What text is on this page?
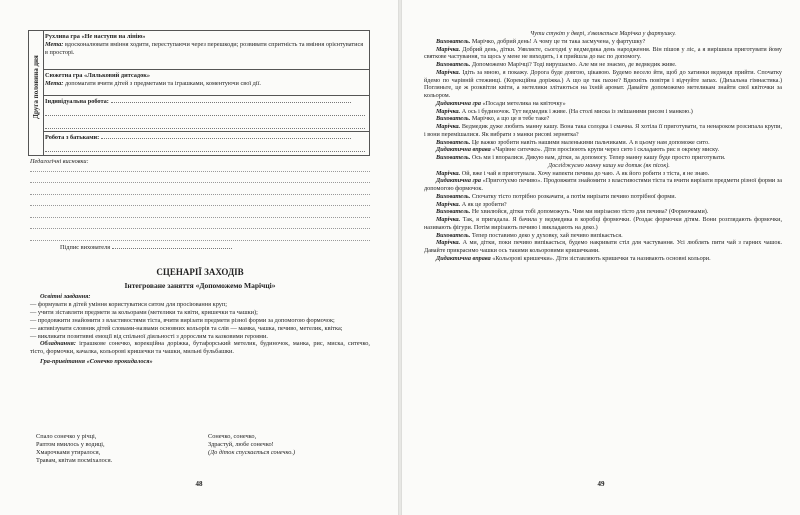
Друга половина дня
Рухлива гра «Не наступи на лінію»
Мета: вдосконалювати вміння ходити, переступаючи через перешкоди; розвивати спритність та вміння орієнтуватися в просторі.
Сюжетна гра «Ляльковий дитсадок»
Мета: допомагати вчити дітей з предметами та іграшками, коментуючи свої дії.
Індивідуальна робота:
Робота з батьками:
Педагогічні висновки:
Підпис вихователя
СЦЕНАРІЇ ЗАХОДІВ
Інтегроване заняття «Допоможемо Марічці»
Освітні завдання:
— формувати в дітей уміння користуватися ситом для просіювання круп;
— учити зіставляти предмети за кольорами (метелики та квіти, кришечки та чашки);
— продовжити знайомити з властивостями тіста, вчити вирізати предмети різної форми за допомогою формочок;
— активізувати словник дітей словами-назвами основних кольорів та слів — мамка, чашка, печиво, метелик, квітка;
— викликати позитивні емоції від спільної діяльності з дорослим та казковими героями.
Обладнання: іграшкове сонечко, корекційна доріжка, бутафорський метелик, будиночок, манка, рис, миска, ситечко, тісто, формочки, качалка, кольорові кришечки та чашки, мильні бульбашки.
Гра-привітання «Сонечко прокидалося»
Спало сонечко у річці,
Раптом вмилось у водиці,
Хмарочками утиралося,
Травам, квітам посміхалося.
Сонечко, сонечко,
Здрастуй, любе сонечко!
(До діток спускається сонечко.)
48

Чути стукіт у двері, з'являється Марічка у фартушку.

Вихователь. Марічко, добрий день! А чому це ти така засмучена, у фартушку?

Марічка. Добрий день, дітки. Уявляєте, сьогодні у ведмедика день народження. Він пішов у ліс, а я вирішила приготувати йому святкове частування, та щось у мене не виходить, і я прийшла до вас по допомогу.

Вихователь. Допоможемо Марічці? Тоді вирушаємо. Але ми не знаємо, де ведмедик живе.

Марічка. Ідіть за мною, я покажу. Дорога буде довгою, цікавою. Будемо весело йти, щоб до хатинки ведмедя прийти. Спочатку йдемо по чарівній стежинці. (Корекційна доріжка.) А що це так пахне? Вдихніть повітря і відчуйте запах. (Дихальна гімнастика.) Погляньте, це ж розквітли квіти, а метелики злітаються на їхній аромат. Давайте допоможемо метеликам знайти свої квіточки за кольором.

Дидактична гра «Посади метелика на квіточку»

Марічка. А ось і будиночок. Тут ведмедик і живе. (На столі миска із змішаними рисом і манкою.)

Вихователь. Марічко, а що це в тебе таке?

Марічка. Ведмедик дуже любить манну кашу. Вона така солодка і смачна. Я хотіла її приготувати, та ненароком розсипала крупи, і вони перемішалися. Як вибрати з манки рисові зернятка?

Вихователь. Це важко зробити навіть нашими маленькими пальчиками. А в цьому нам допоможе сито.

Дидактична вправа «Чарівне ситечко». Діти просіюють крупи через сито і складають рис в окрему миску.

Вихователь. Ось ми і впоралися. Дякую вам, дітки, за допомогу. Тепер манну кашу буде просто приготувати.

Досліджуємо манну кашу на дотик (як пісок).

Марічка. Ой, вже і чай я приготувала. Хочу напекти печива до чаю. А як його робити з тіста, я не знаю.

Дидактична гра «Приготуємо печиво». Продовжити знайомити з властивостями тіста та вчити вирізати предмети різної форми за допомогою формочок.

Вихователь. Спочатку тісто потрібно розкачати, а потім вирізати печиво потрібної форми.

Марічка. А як це зробити?

Вихователь. Не хвилюйся, дітки тобі допоможуть. Чим ми вирізаємо тісто для печива? (Формочками).

Марічка. Так, я пригадала. Я бачила у ведмедика в коробці формочки. (Роздає формочки дітям. Вони розглядають формочки, називають фігури. Потім вирізають печиво і викладають на деко.)

Вихователь. Тепер поставимо деко у духовку, хай печиво випікається.

Марічка. А ми, дітки, поки печиво випікається, будемо накривати стіл для частування. Усі люблять пити чай з гарних чашок. Давайте прикрасимо чашки ось такими кольоровими кришечками.

Дидактична вправа «Кольорові кришечки». Діти зіставляють кришечки та називають основні кольори.

49
